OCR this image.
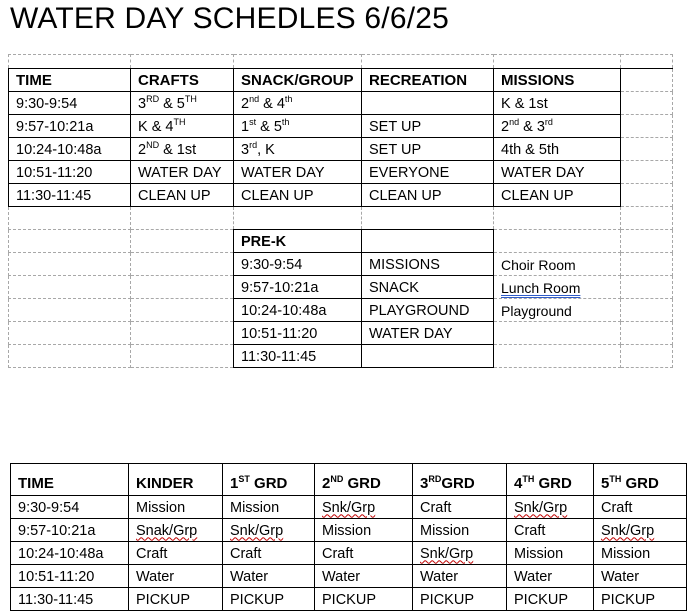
WATER DAY SCHEDLES 6/6/25

TIME	CRAFTS	SNACK/GROUP	RECREATION	MISSIONS	
9:30-9:54	3RD & 5TH	2nd & 4th		K & 1st	
9:57-10:21a	K & 4TH	1st & 5th	SET UP	2nd & 3rd	
10:24-10:48a	2ND & 1st	3rd, K	SET UP	4th & 5th	
10:51-11:20	WATER DAY	WATER DAY	EVERYONE	WATER DAY	
11:30-11:45	CLEAN UP	CLEAN UP	CLEAN UP	CLEAN UP	

		PRE-K			
		9:30-9:54	MISSIONS	Choir Room	
		9:57-10:21a	SNACK	Lunch Room	
		10:24-10:48a	PLAYGROUND	Playground	
		10:51-11:20	WATER DAY		
		11:30-11:45			
TIME	KINDER	1ST GRD	2ND GRD	3RDGRD	4TH GRD	5TH GRD
9:30-9:54	Mission	Mission	Snk/Grp	Craft	Snk/Grp	Craft
9:57-10:21a	Snak/Grp	Snk/Grp	Mission	Mission	Craft	Snk/Grp
10:24-10:48a	Craft	Craft	Craft	Snk/Grp	Mission	Mission
10:51-11:20	Water	Water	Water	Water	Water	Water
11:30-11:45	PICKUP	PICKUP	PICKUP	PICKUP	PICKUP	PICKUP
